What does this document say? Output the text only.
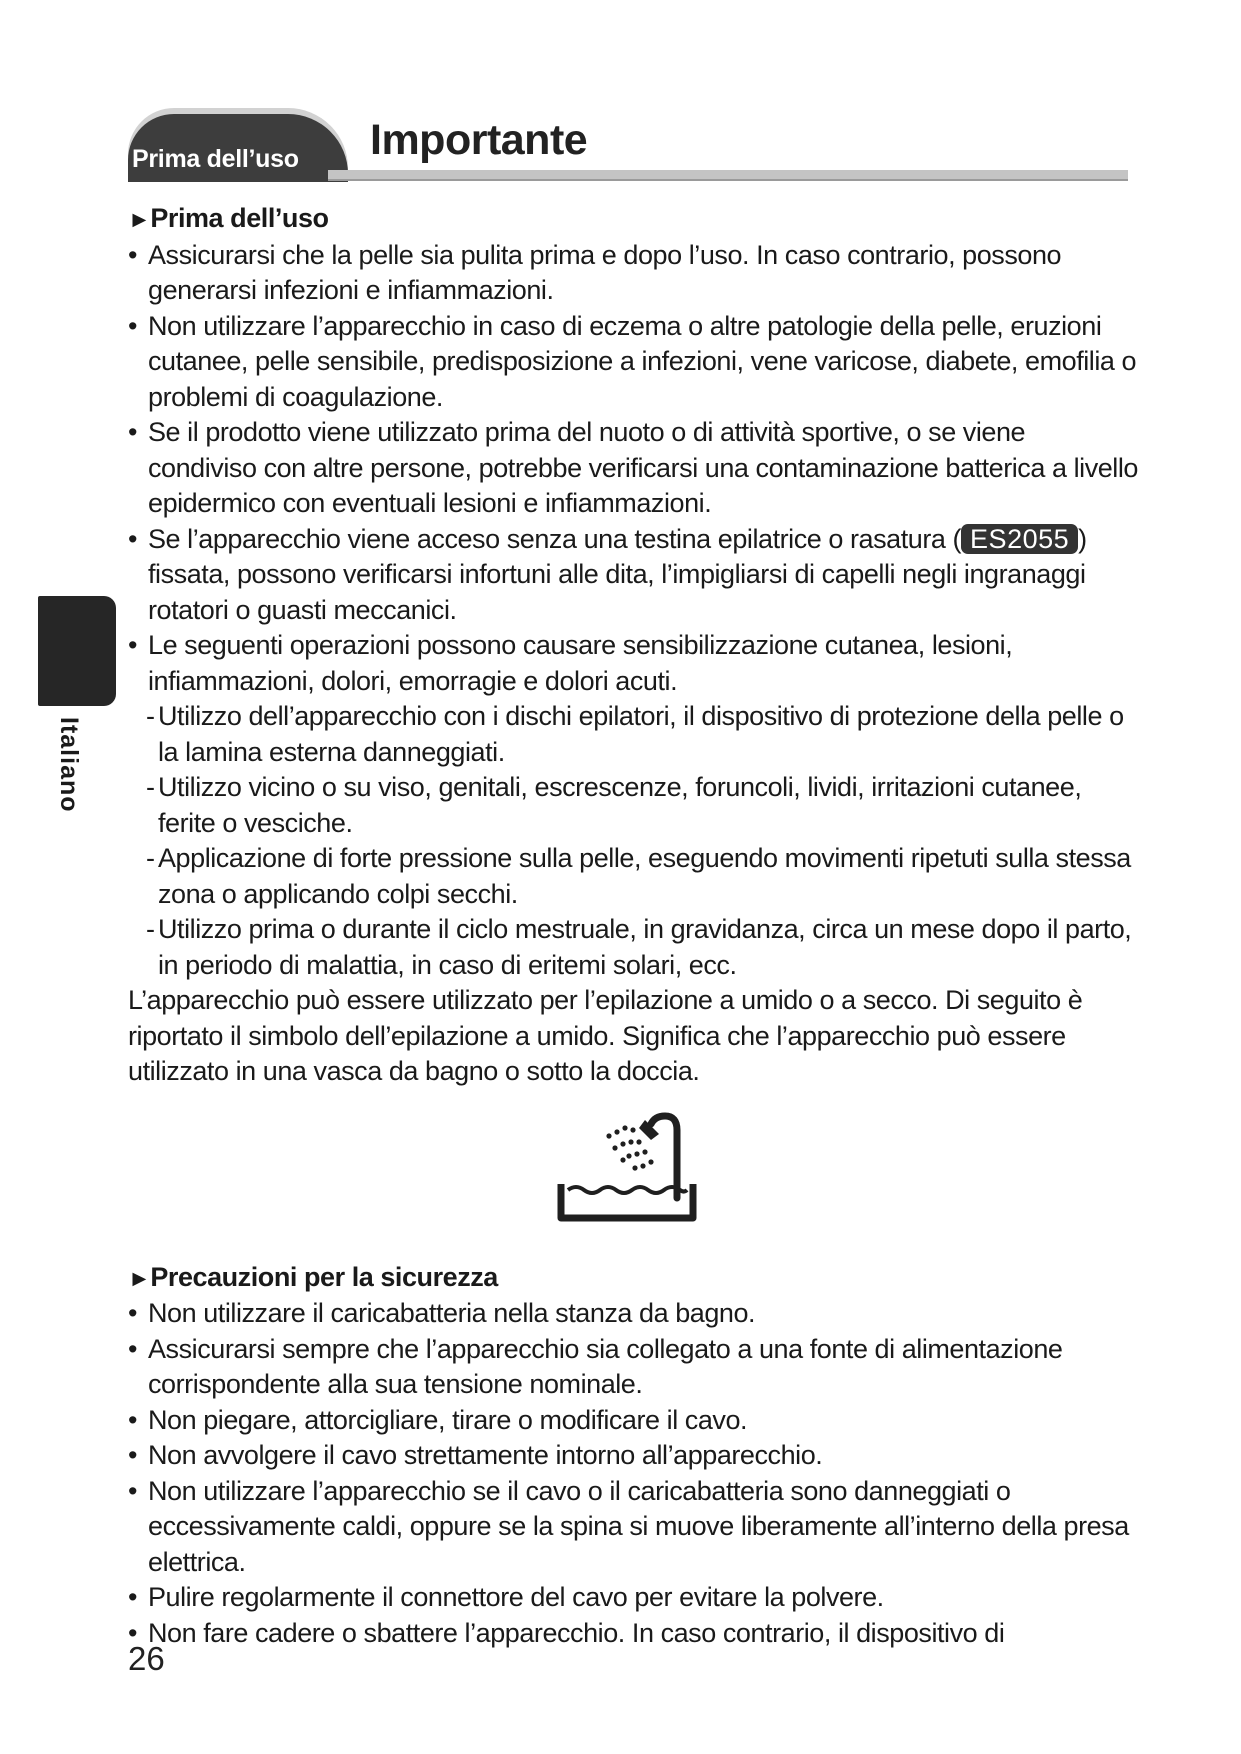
Prima dell’uso Importante
Italiano

►Prima dell’uso

• Assicurarsi che la pelle sia pulita prima e dopo l’uso. In caso contrario, possono generarsi infezioni e infiammazioni.
• Non utilizzare l’apparecchio in caso di eczema o altre patologie della pelle, eruzioni cutanee, pelle sensibile, predisposizione a infezioni, vene varicose, diabete, emofilia o problemi di coagulazione.
• Se il prodotto viene utilizzato prima del nuoto o di attività sportive, o se viene condiviso con altre persone, potrebbe verificarsi una contaminazione batterica a livello epidermico con eventuali lesioni e infiammazioni.
• Se l’apparecchio viene acceso senza una testina epilatrice o rasatura ( ES2055 ) fissata, possono verificarsi infortuni alle dita, l’impigliarsi di capelli negli ingranaggi rotatori o guasti meccanici.
• Le seguenti operazioni possono causare sensibilizzazione cutanea, lesioni, infiammazioni, dolori, emorragie e dolori acuti.
- Utilizzo dell’apparecchio con i dischi epilatori, il dispositivo di protezione della pelle o la lamina esterna danneggiati.
- Utilizzo vicino o su viso, genitali, escrescenze, foruncoli, lividi, irritazioni cutanee, ferite o vesciche.
- Applicazione di forte pressione sulla pelle, eseguendo movimenti ripetuti sulla stessa zona o applicando colpi secchi.
- Utilizzo prima o durante il ciclo mestruale, in gravidanza, circa un mese dopo il parto, in periodo di malattia, in caso di eritemi solari, ecc.

L’apparecchio può essere utilizzato per l’epilazione a umido o a secco. Di seguito è riportato il simbolo dell’epilazione a umido. Significa che l’apparecchio può essere utilizzato in una vasca da bagno o sotto la doccia.

►Precauzioni per la sicurezza

• Non utilizzare il caricabatteria nella stanza da bagno.
• Assicurarsi sempre che l’apparecchio sia collegato a una fonte di alimentazione corrispondente alla sua tensione nominale.
• Non piegare, attorcigliare, tirare o modificare il cavo.
• Non avvolgere il cavo strettamente intorno all’apparecchio.
• Non utilizzare l’apparecchio se il cavo o il caricabatteria sono danneggiati o eccessivamente caldi, oppure se la spina si muove liberamente all’interno della presa elettrica.
• Pulire regolarmente il connettore del cavo per evitare la polvere.
• Non fare cadere o sbattere l’apparecchio. In caso contrario, il dispositivo di
26
